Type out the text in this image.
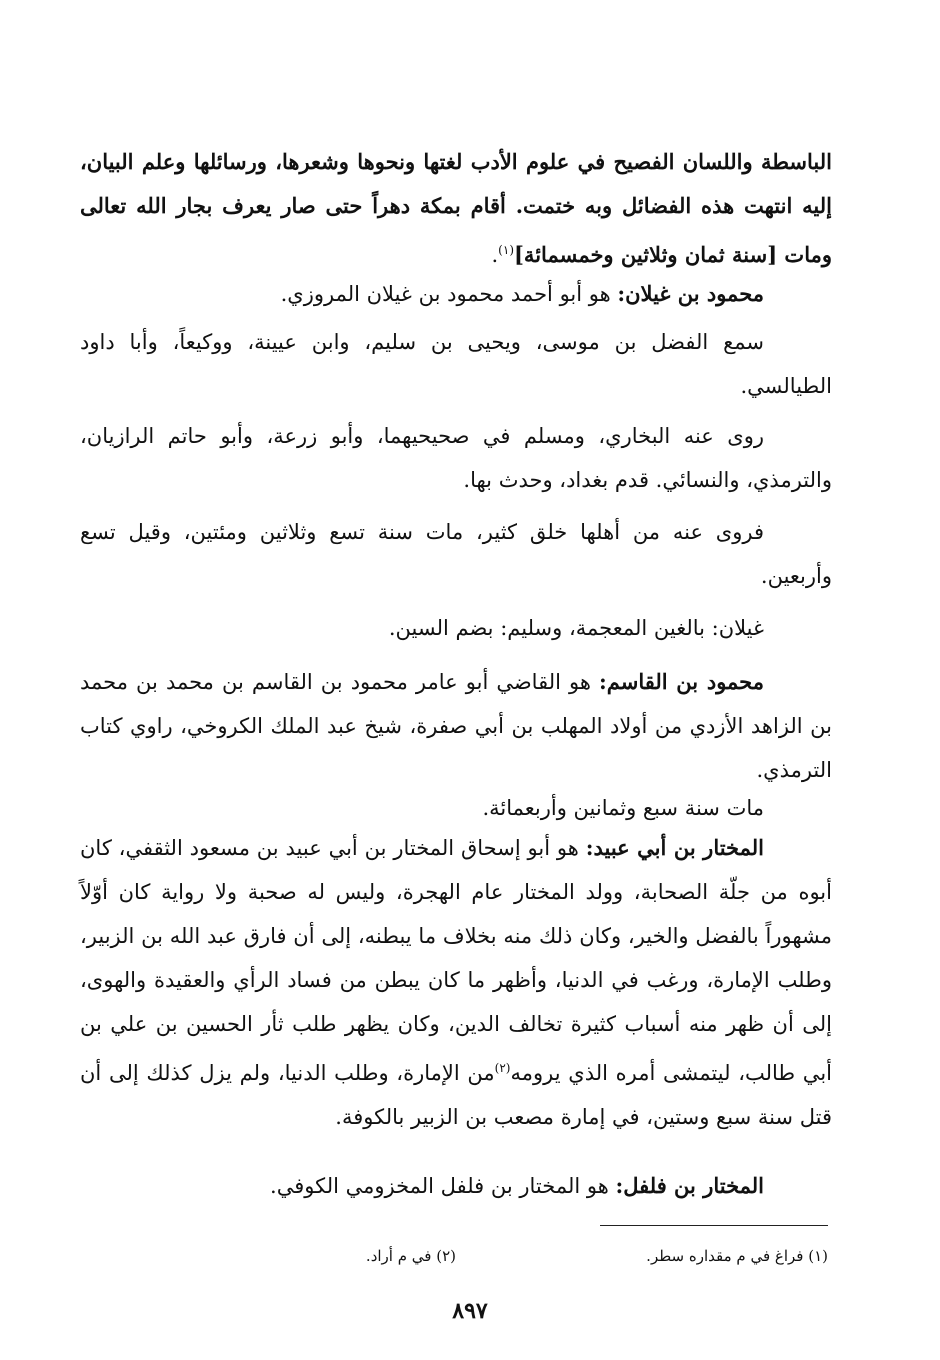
الباسطة واللسان الفصيح في علوم الأدب لغتها ونحوها وشعرها، ورسائلها وعلم البيان، إليه انتهت هذه الفضائل وبه ختمت. أقام بمكة دهراً حتى صار يعرف بجار الله تعالى ومات [سنة ثمان وثلاثين وخمسمائة]$^{(١)}$.

محمود بن غيلان: هو أبو أحمد محمود بن غيلان المروزي.

سمع الفضل بن موسى، ويحيى بن سليم، وابن عيينة، ووكيعاً، وأبا داود الطيالسي.

روى عنه البخاري، ومسلم في صحيحيهما، وأبو زرعة، وأبو حاتم الرازيان، والترمذي، والنسائي. قدم بغداد، وحدث بها.

فروى عنه من أهلها خلق كثير، مات سنة تسع وثلاثين ومئتين، وقيل تسع وأربعين.

غيلان: بالغين المعجمة، وسليم: بضم السين.

محمود بن القاسم: هو القاضي أبو عامر محمود بن القاسم بن محمد بن محمد بن الزاهد الأزدي من أولاد المهلب بن أبي صفرة، شيخ عبد الملك الكروخي، راوي كتاب الترمذي.

مات سنة سبع وثمانين وأربعمائة.

المختار بن أبي عبيد: هو أبو إسحاق المختار بن أبي عبيد بن مسعود الثقفي، كان أبوه من جلّة الصحابة، وولد المختار عام الهجرة، وليس له صحبة ولا رواية كان أوّلاً مشهوراً بالفضل والخير، وكان ذلك منه بخلاف ما يبطنه، إلى أن فارق عبد الله بن الزبير، وطلب الإمارة، ورغب في الدنيا، وأظهر ما كان يبطن من فساد الرأي والعقيدة والهوى، إلى أن ظهر منه أسباب كثيرة تخالف الدين، وكان يظهر طلب ثأر الحسين بن علي بن أبي طالب، ليتمشى أمره الذي يرومه$^{(٢)}$من الإمارة، وطلب الدنيا، ولم يزل كذلك إلى أن قتل سنة سبع وستين، في إمارة مصعب بن الزبير بالكوفة.

المختار بن فلفل: هو المختار بن فلفل المخزومي الكوفي.

(١) فراغ في م مقداره سطر.
(٢) في م أراد.
٨٩٧
